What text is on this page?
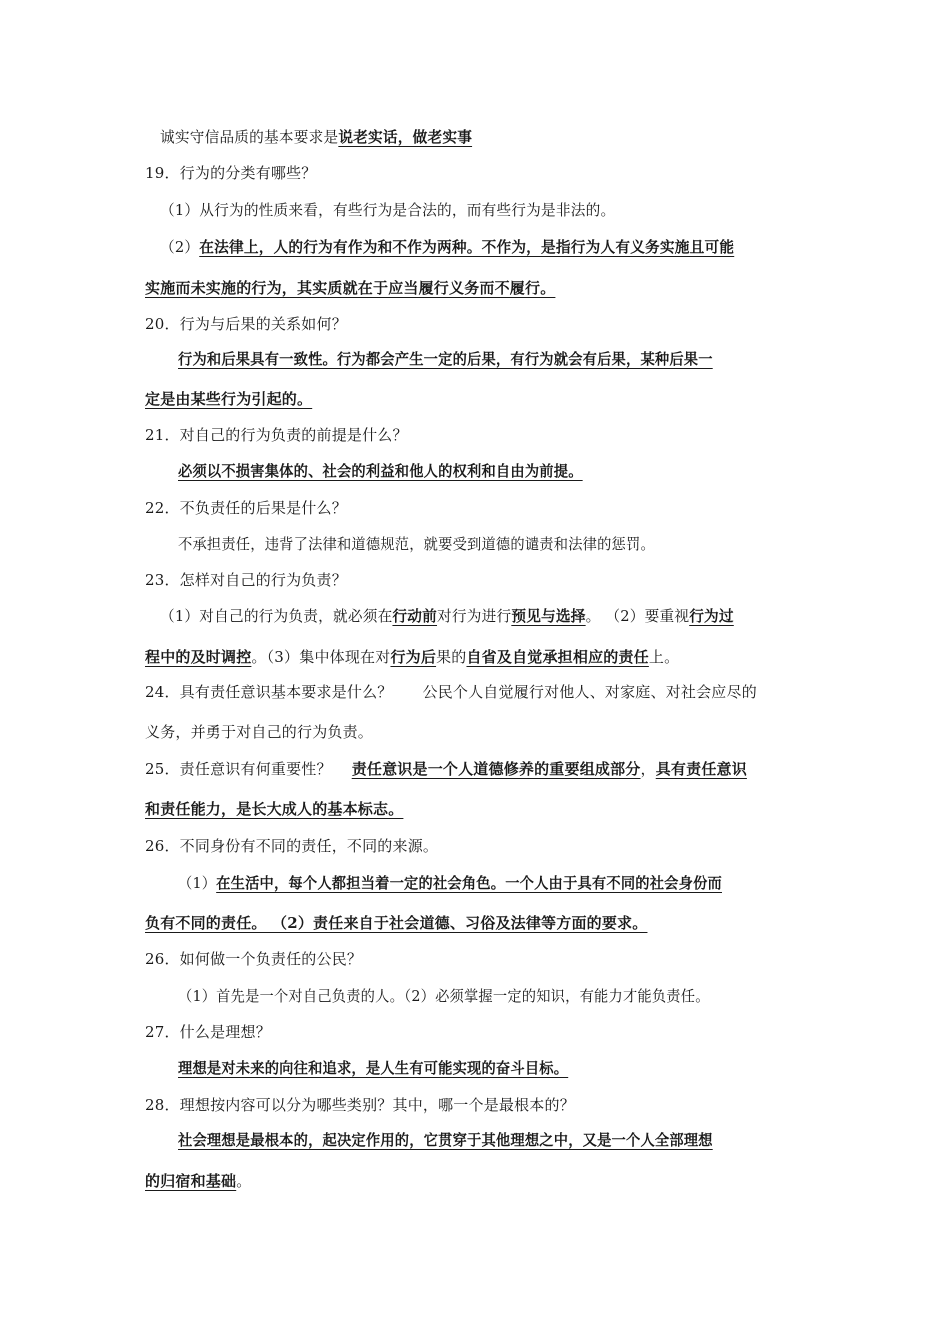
诚实守信品质的基本要求是说老实话，做老实事
19．行为的分类有哪些？
（1）从行为的性质来看，有些行为是合法的，而有些行为是非法的。
（2）在法律上，人的行为有作为和不作为两种。不作为，是指行为人有义务实施且可能
实施而未实施的行为，其实质就在于应当履行义务而不履行。
20．行为与后果的关系如何？
行为和后果具有一致性。行为都会产生一定的后果，有行为就会有后果，某种后果一
定是由某些行为引起的。
21．对自己的行为负责的前提是什么？
必须以不损害集体的、社会的利益和他人的权利和自由为前提。
22．不负责任的后果是什么？
不承担责任，违背了法律和道德规范，就要受到道德的谴责和法律的惩罚。
23．怎样对自己的行为负责？
（1）对自己的行为负责，就必须在行动前对行为进行预见与选择。 （2）要重视行为过
程中的及时调控。（3）集中体现在对行为后果的自省及自觉承担相应的责任上。
24．具有责任意识基本要求是什么？ 公民个人自觉履行对他人、对家庭、对社会应尽的
义务，并勇于对自己的行为负责。
25．责任意识有何重要性？ 责任意识是一个人道德修养的重要组成部分，具有责任意识
和责任能力，是长大成人的基本标志。
26．不同身份有不同的责任，不同的来源。
（1）在生活中，每个人都担当着一定的社会角色。一个人由于具有不同的社会身份而
负有不同的责任。 （2）责任来自于社会道德、习俗及法律等方面的要求。
26．如何做一个负责任的公民？
（1）首先是一个对自己负责的人。（2）必须掌握一定的知识，有能力才能负责任。
27．什么是理想？
理想是对未来的向往和追求，是人生有可能实现的奋斗目标。
28．理想按内容可以分为哪些类别？其中，哪一个是最根本的？
社会理想是最根本的，起决定作用的，它贯穿于其他理想之中，又是一个人全部理想
的归宿和基础。
